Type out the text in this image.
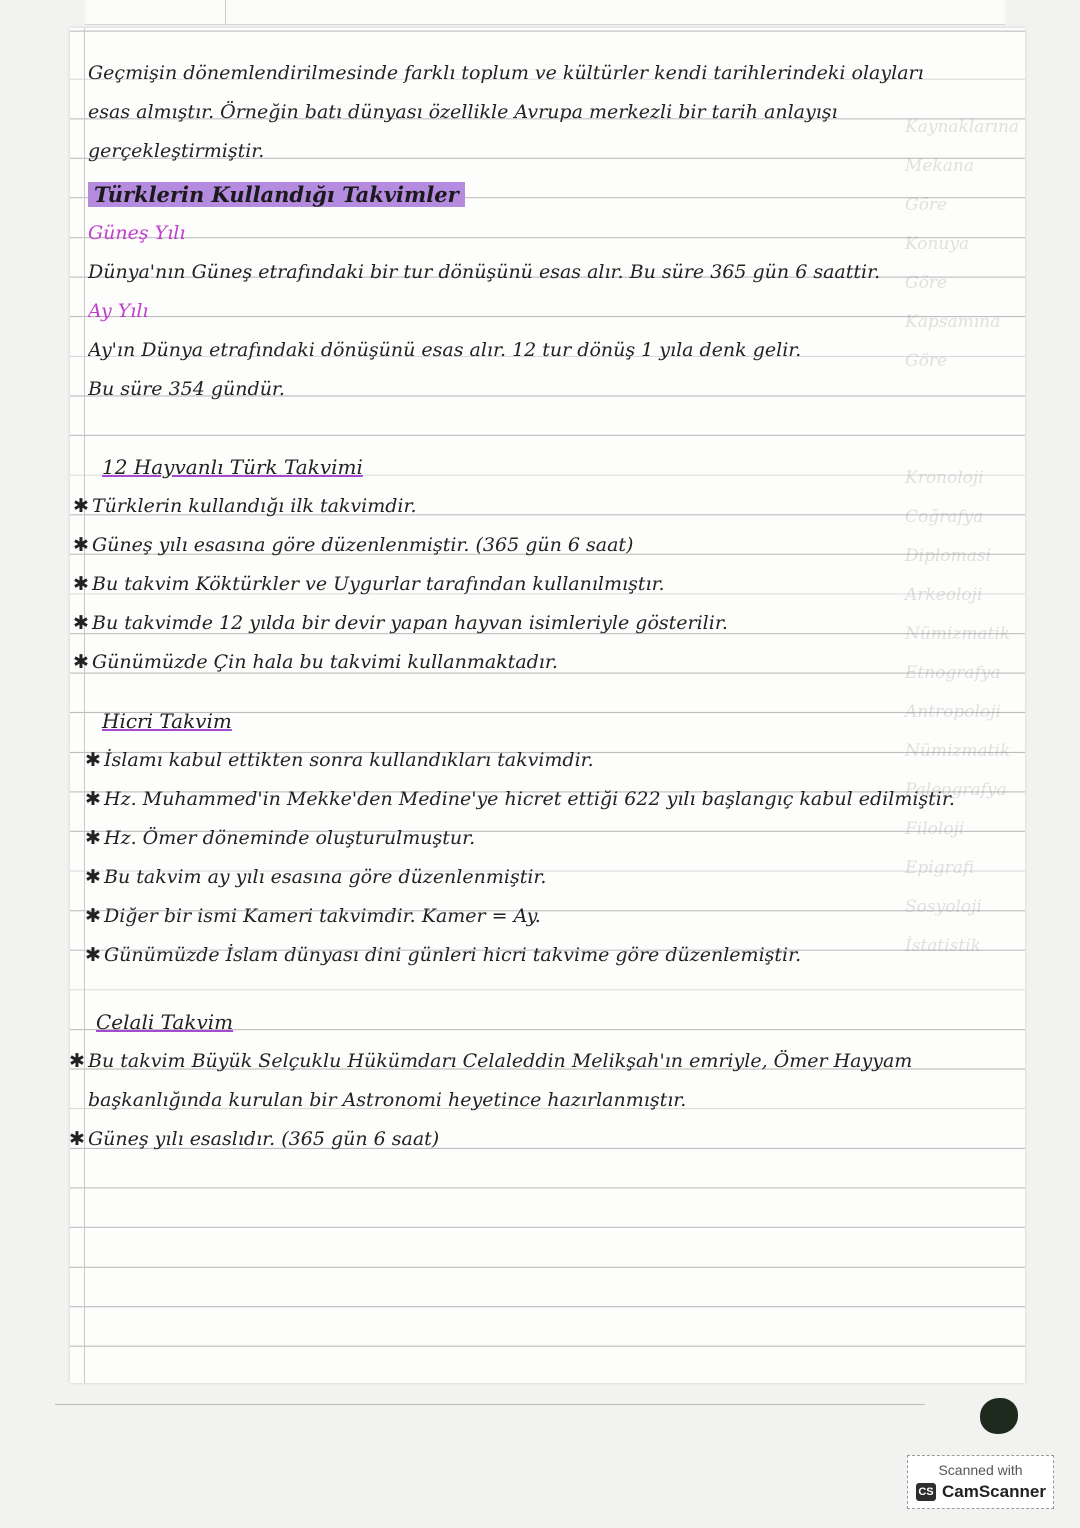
Kaynaklarına
Mekana Göre
Konuya Göre
Kapsamına Göre

Kronoloji
Coğrafya
Diplomasi
Arkeoloji
Nümizmatik
Etnografya
Antropoloji
Nümizmatik
Paleografya
Filoloji
Epigrafi
Sosyoloji
İstatistik
Geçmişin dönemlendirilmesinde farklı toplum ve kültürler kendi tarihlerindeki olayları
esas almıştır. Örneğin batı dünyası özellikle Avrupa merkezli bir tarih anlayışı
gerçekleştirmiştir.
Türklerin Kullandığı Takvimler
Güneş Yılı
Dünya'nın Güneş etrafındaki bir tur dönüşünü esas alır. Bu süre 365 gün 6 saattir.
Ay Yılı
Ay'ın Dünya etrafındaki dönüşünü esas alır. 12 tur dönüş 1 yıla denk gelir.
Bu süre 354 gündür.
12 Hayvanlı Türk Takvimi
✱ Türklerin kullandığı ilk takvimdir.
✱ Güneş yılı esasına göre düzenlenmiştir. (365 gün 6 saat)
✱ Bu takvim Köktürkler ve Uygurlar tarafından kullanılmıştır.
✱ Bu takvimde 12 yılda bir devir yapan hayvan isimleriyle gösterilir.
✱ Günümüzde Çin hala bu takvimi kullanmaktadır.
Hicri Takvim
✱ İslamı kabul ettikten sonra kullandıkları takvimdir.
✱ Hz. Muhammed'in Mekke'den Medine'ye hicret ettiği 622 yılı başlangıç kabul edilmiştir.
✱ Hz. Ömer döneminde oluşturulmuştur.
✱ Bu takvim ay yılı esasına göre düzenlenmiştir.
✱ Diğer bir ismi Kameri takvimdir. Kamer = Ay.
✱ Günümüzde İslam dünyası dini günleri hicri takvime göre düzenlemiştir.
Celali Takvim
✱ Bu takvim Büyük Selçuklu Hükümdarı Celaleddin Melikşah'ın emriyle, Ömer Hayyam
başkanlığında kurulan bir Astronomi heyetince hazırlanmıştır.
✱ Güneş yılı esaslıdır. (365 gün 6 saat)
Scanned with
CS CamScanner
